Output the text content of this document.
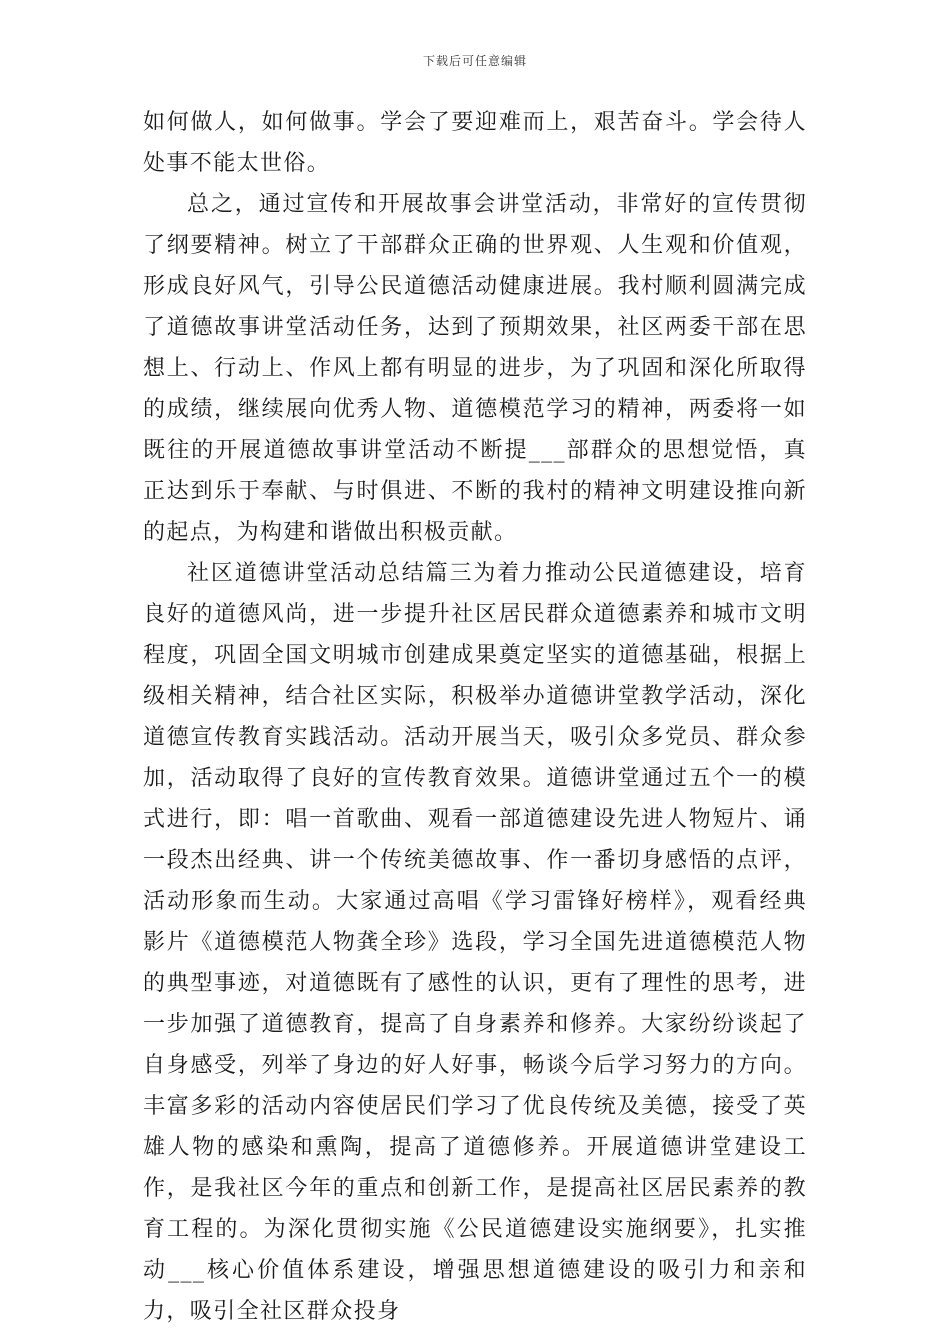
下载后可任意编辑

如何做人，如何做事。学会了要迎难而上，艰苦奋斗。学会待人处事不能太世俗。

总之，通过宣传和开展故事会讲堂活动，非常好的宣传贯彻了纲要精神。树立了干部群众正确的世界观、人生观和价值观，形成良好风气，引导公民道德活动健康进展。我村顺利圆满完成了道德故事讲堂活动任务，达到了预期效果，社区两委干部在思想上、行动上、作风上都有明显的进步，为了巩固和深化所取得的成绩，继续展向优秀人物、道德模范学习的精神，两委将一如既往的开展道德故事讲堂活动不断提___部群众的思想觉悟，真正达到乐于奉献、与时俱进、不断的我村的精神文明建设推向新的起点，为构建和谐做出积极贡献。

社区道德讲堂活动总结篇三为着力推动公民道德建设，培育良好的道德风尚，进一步提升社区居民群众道德素养和城市文明程度，巩固全国文明城市创建成果奠定坚实的道德基础，根据上级相关精神，结合社区实际，积极举办道德讲堂教学活动，深化道德宣传教育实践活动。活动开展当天，吸引众多党员、群众参加，活动取得了良好的宣传教育效果。道德讲堂通过五个一的模式进行，即：唱一首歌曲、观看一部道德建设先进人物短片、诵一段杰出经典、讲一个传统美德故事、作一番切身感悟的点评，活动形象而生动。大家通过高唱《学习雷锋好榜样》，观看经典影片《道德模范人物龚全珍》选段，学习全国先进道德模范人物的典型事迹，对道德既有了感性的认识，更有了理性的思考，进一步加强了道德教育，提高了自身素养和修养。大家纷纷谈起了自身感受，列举了身边的好人好事，畅谈今后学习努力的方向。丰富多彩的活动内容使居民们学习了优良传统及美德，接受了英雄人物的感染和熏陶，提高了道德修养。开展道德讲堂建设工作，是我社区今年的重点和创新工作，是提高社区居民素养的教育工程的。为深化贯彻实施《公民道德建设实施纲要》，扎实推动___核心价值体系建设，增强思想道德建设的吸引力和亲和力，吸引全社区群众投身
